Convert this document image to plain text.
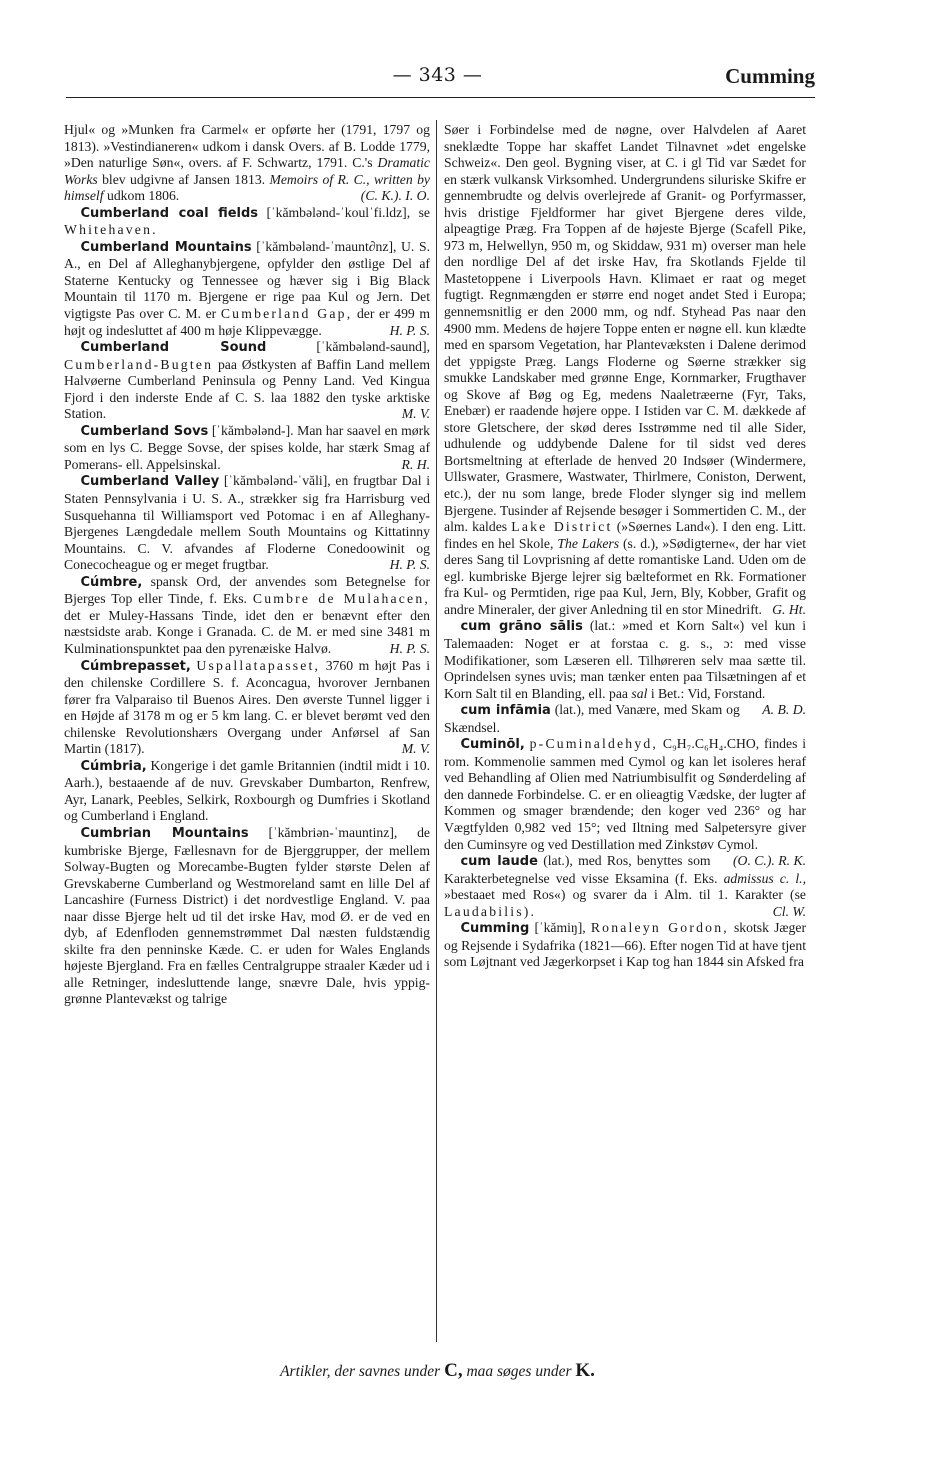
— 343 —	Cumming

Hjul« og »Munken fra Carmel« er opførte her (1791, 1797 og 1813). »Vestindianeren« udkom i dansk Overs. af B. Lodde 1779, »Den naturlige Søn«, overs. af F. Schwartz, 1791. C.'s Dramatic Works blev udgivne af Jansen 1813. Memoirs of R. C., written by himself udkom 1806.	(C. K.). I. O.

Cumberland coal fields [ˈkămbəlǝnd-ˈkoulˈfi.ldz], se Whitehaven.

Cumberland Mountains [ˈkămbəlǝnd-ˈmaunt∂nz], U. S. A., en Del af Alleghanybjergene, opfylder den østlige Del af Staterne Kentucky og Tennessee og hæver sig i Big Black Mountain til 1170 m. Bjergene er rige paa Kul og Jern. Det vigtigste Pas over C. M. er Cumberland Gap, der er 499 m højt og indesluttet af 400 m høje Klippevægge.	H. P. S.

Cumberland Sound	[ˈkămbəlǝnd-saund], Cumberland-Bugten paa Østkysten af Baffin Land mellem Halvøerne Cumberland Peninsula og Penny Land. Ved Kingua Fjord i den inderste Ende af C. S. laa 1882 den tyske arktiske Station.	M. V.

Cumberland Sovs [ˈkămbəlǝnd-]. Man har saavel en mørk som en lys C. Begge Sovse, der spises kolde, har stærk Smag af Pomerans- ell. Appelsinskal.	R. H.

Cumberland Valley [ˈkămbəlǝnd-ˈvăli], en frugtbar Dal i Staten Pennsylvania i U. S. A., strækker sig fra Harrisburg ved Susquehanna til Williamsport ved Potomac i en af Alleghany-Bjergenes Længdedale mellem South Mountains og Kittatinny Mountains. C. V. afvandes af Floderne Conedoowinit og Conecocheague og er meget frugtbar.	H. P. S.

Cúmbre, spansk Ord, der anvendes som Betegnelse for Bjerges Top eller Tinde, f. Eks. Cumbre de Mulahacen, det er Muley-Hassans Tinde, idet den er benævnt efter den næstsidste arab. Konge i Granada. C. de M. er med sine 3481 m Kulminationspunktet paa den pyrenæiske Halvø.	H. P. S.

Cúmbrepasset, Uspallatapasset, 3760 m højt Pas i den chilenske Cordillere S. f. Aconcagua, hvorover Jernbanen fører fra Valparaiso til Buenos Aires. Den øverste Tunnel ligger i en Højde af 3178 m og er 5 km lang. C. er blevet berømt ved den chilenske Revolutionshærs Overgang under Anførsel af San Martin (1817).	M. V.

Cúmbria, Kongerige i det gamle Britannien (indtil midt i 10. Aarh.), bestaaende af de nuv. Grevskaber Dumbarton, Renfrew, Ayr, Lanark, Peebles, Selkirk, Roxbourgh og Dumfries i Skotland og Cumberland i England.

Cumbrian Mountains [ˈkămbriǝn-ˈmauntinz], de kumbriske Bjerge, Fællesnavn for de Bjerggrupper, der mellem Solway-Bugten og Morecambe-Bugten fylder største Delen af Grevskaberne Cumberland og Westmoreland samt en lille Del af Lancashire (Furness District) i det nordvestlige England. V. paa naar disse Bjerge helt ud til det irske Hav, mod Ø. er de ved en dyb, af Edenfloden gennemstrømmet Dal næsten fuldstændig skilte fra den penninske Kæde. C. er uden for Wales Englands højeste Bjergland. Fra en fælles Centralgruppe straaler Kæder ud i alle Retninger, indesluttende lange, snævre Dale, hvis yppig-grønne Plantevækst og talrige

Søer i Forbindelse med de nøgne, over Halvdelen af Aaret sneklædte Toppe har skaffet Landet Tilnavnet »det engelske Schweiz«. Den geol. Bygning viser, at C. i gl Tid var Sædet for en stærk vulkansk Virksomhed. Undergrundens siluriske Skifre er gennembrudte og delvis overlejrede af Granit- og Porfyrmasser, hvis dristige Fjeldformer har givet Bjergene deres vilde, alpeagtige Præg. Fra Toppen af de højeste Bjerge (Scafell Pike, 973 m, Helwellyn, 950 m, og Skiddaw, 931 m) overser man hele den nordlige Del af det irske Hav, fra Skotlands Fjelde til Mastetoppene i Liverpools Havn. Klimaet er raat og meget fugtigt. Regnmængden er større end noget andet Sted i Europa; gennemsnitlig er den 2000 mm, og ndf. Styhead Pas naar den 4900 mm. Medens de højere Toppe enten er nøgne ell. kun klædte med en sparsom Vegetation, har Plantevæksten i Dalene derimod det yppigste Præg. Langs Floderne og Søerne strækker sig smukke Landskaber med grønne Enge, Kornmarker, Frugthaver og Skove af Bøg og Eg, medens Naaletræerne (Fyr, Taks, Enebær) er raadende højere oppe. I Istiden var C. M. dækkede af store Gletschere, der skød deres Isstrømme ned til alle Sider, udhulende og uddybende Dalene for til sidst ved deres Bortsmeltning at efterlade de henved 20 Indsøer (Windermere, Ullswater, Grasmere, Wastwater, Thirlmere, Coniston, Derwent, etc.), der nu som lange, brede Floder slynger sig ind mellem Bjergene. Tusinder af Rejsende besøger i Sommertiden C. M., der alm. kaldes Lake District (»Søernes Land«). I den eng. Litt. findes en hel Skole, The Lakers (s. d.), »Sødigterne«, der har viet deres Sang til Lovprisning af dette romantiske Land. Uden om de egl. kumbriske Bjerge lejrer sig bælteformet en Rk. Formationer fra Kul- og Permtiden, rige paa Kul, Jern, Bly, Kobber, Grafit og andre Mineraler, der giver Anledning til en stor Minedrift. G. Ht.

cum grāno sālis (lat.: »med et Korn Salt«) vel kun i Talemaaden: Noget er at forstaa c. g. s., ɔ: med visse Modifikationer, som Læseren ell. Tilhøreren selv maa sætte til. Oprindelsen synes uvis; man tænker enten paa Tilsætningen af et Korn Salt til en Blanding, ell. paa sal i Bet.: Vid, Forstand.
A. B. D.

cum infāmia (lat.), med Vanære, med Skam og Skændsel.

Cuminōl, p-Cuminaldehyd, C₉H₇.C₆H₄.CHO, findes i rom. Kommenolie sammen med Cymol og kan let isoleres heraf ved Behandling af Olien med Natriumbisulfit og Sønderdeling af den dannede Forbindelse. C. er en olieagtig Vædske, der lugter af Kommen og smager brændende; den koger ved 236° og har Vægtfylden 0,982 ved 15°; ved Iltning med Salpetersyre giver den Cuminsyre og ved Destillation med Zinkstøv Cymol.
(O. C.). R. K.

cum laude (lat.), med Ros, benyttes som Karakterbetegnelse ved visse Eksamina (f. Eks. admissus c. l., »bestaaet med Ros«) og svarer da i Alm. til 1. Karakter (se Laudabilis).	Cl. W.

Cumming [ˈkămiŋ], Ronaleyn Gordon, skotsk Jæger og Rejsende i Sydafrika (1821—66). Efter nogen Tid at have tjent som Løjtnant ved Jægerkorpset i Kap tog han 1844 sin Afsked fra

Artikler, der savnes under C, maa søges under K.
